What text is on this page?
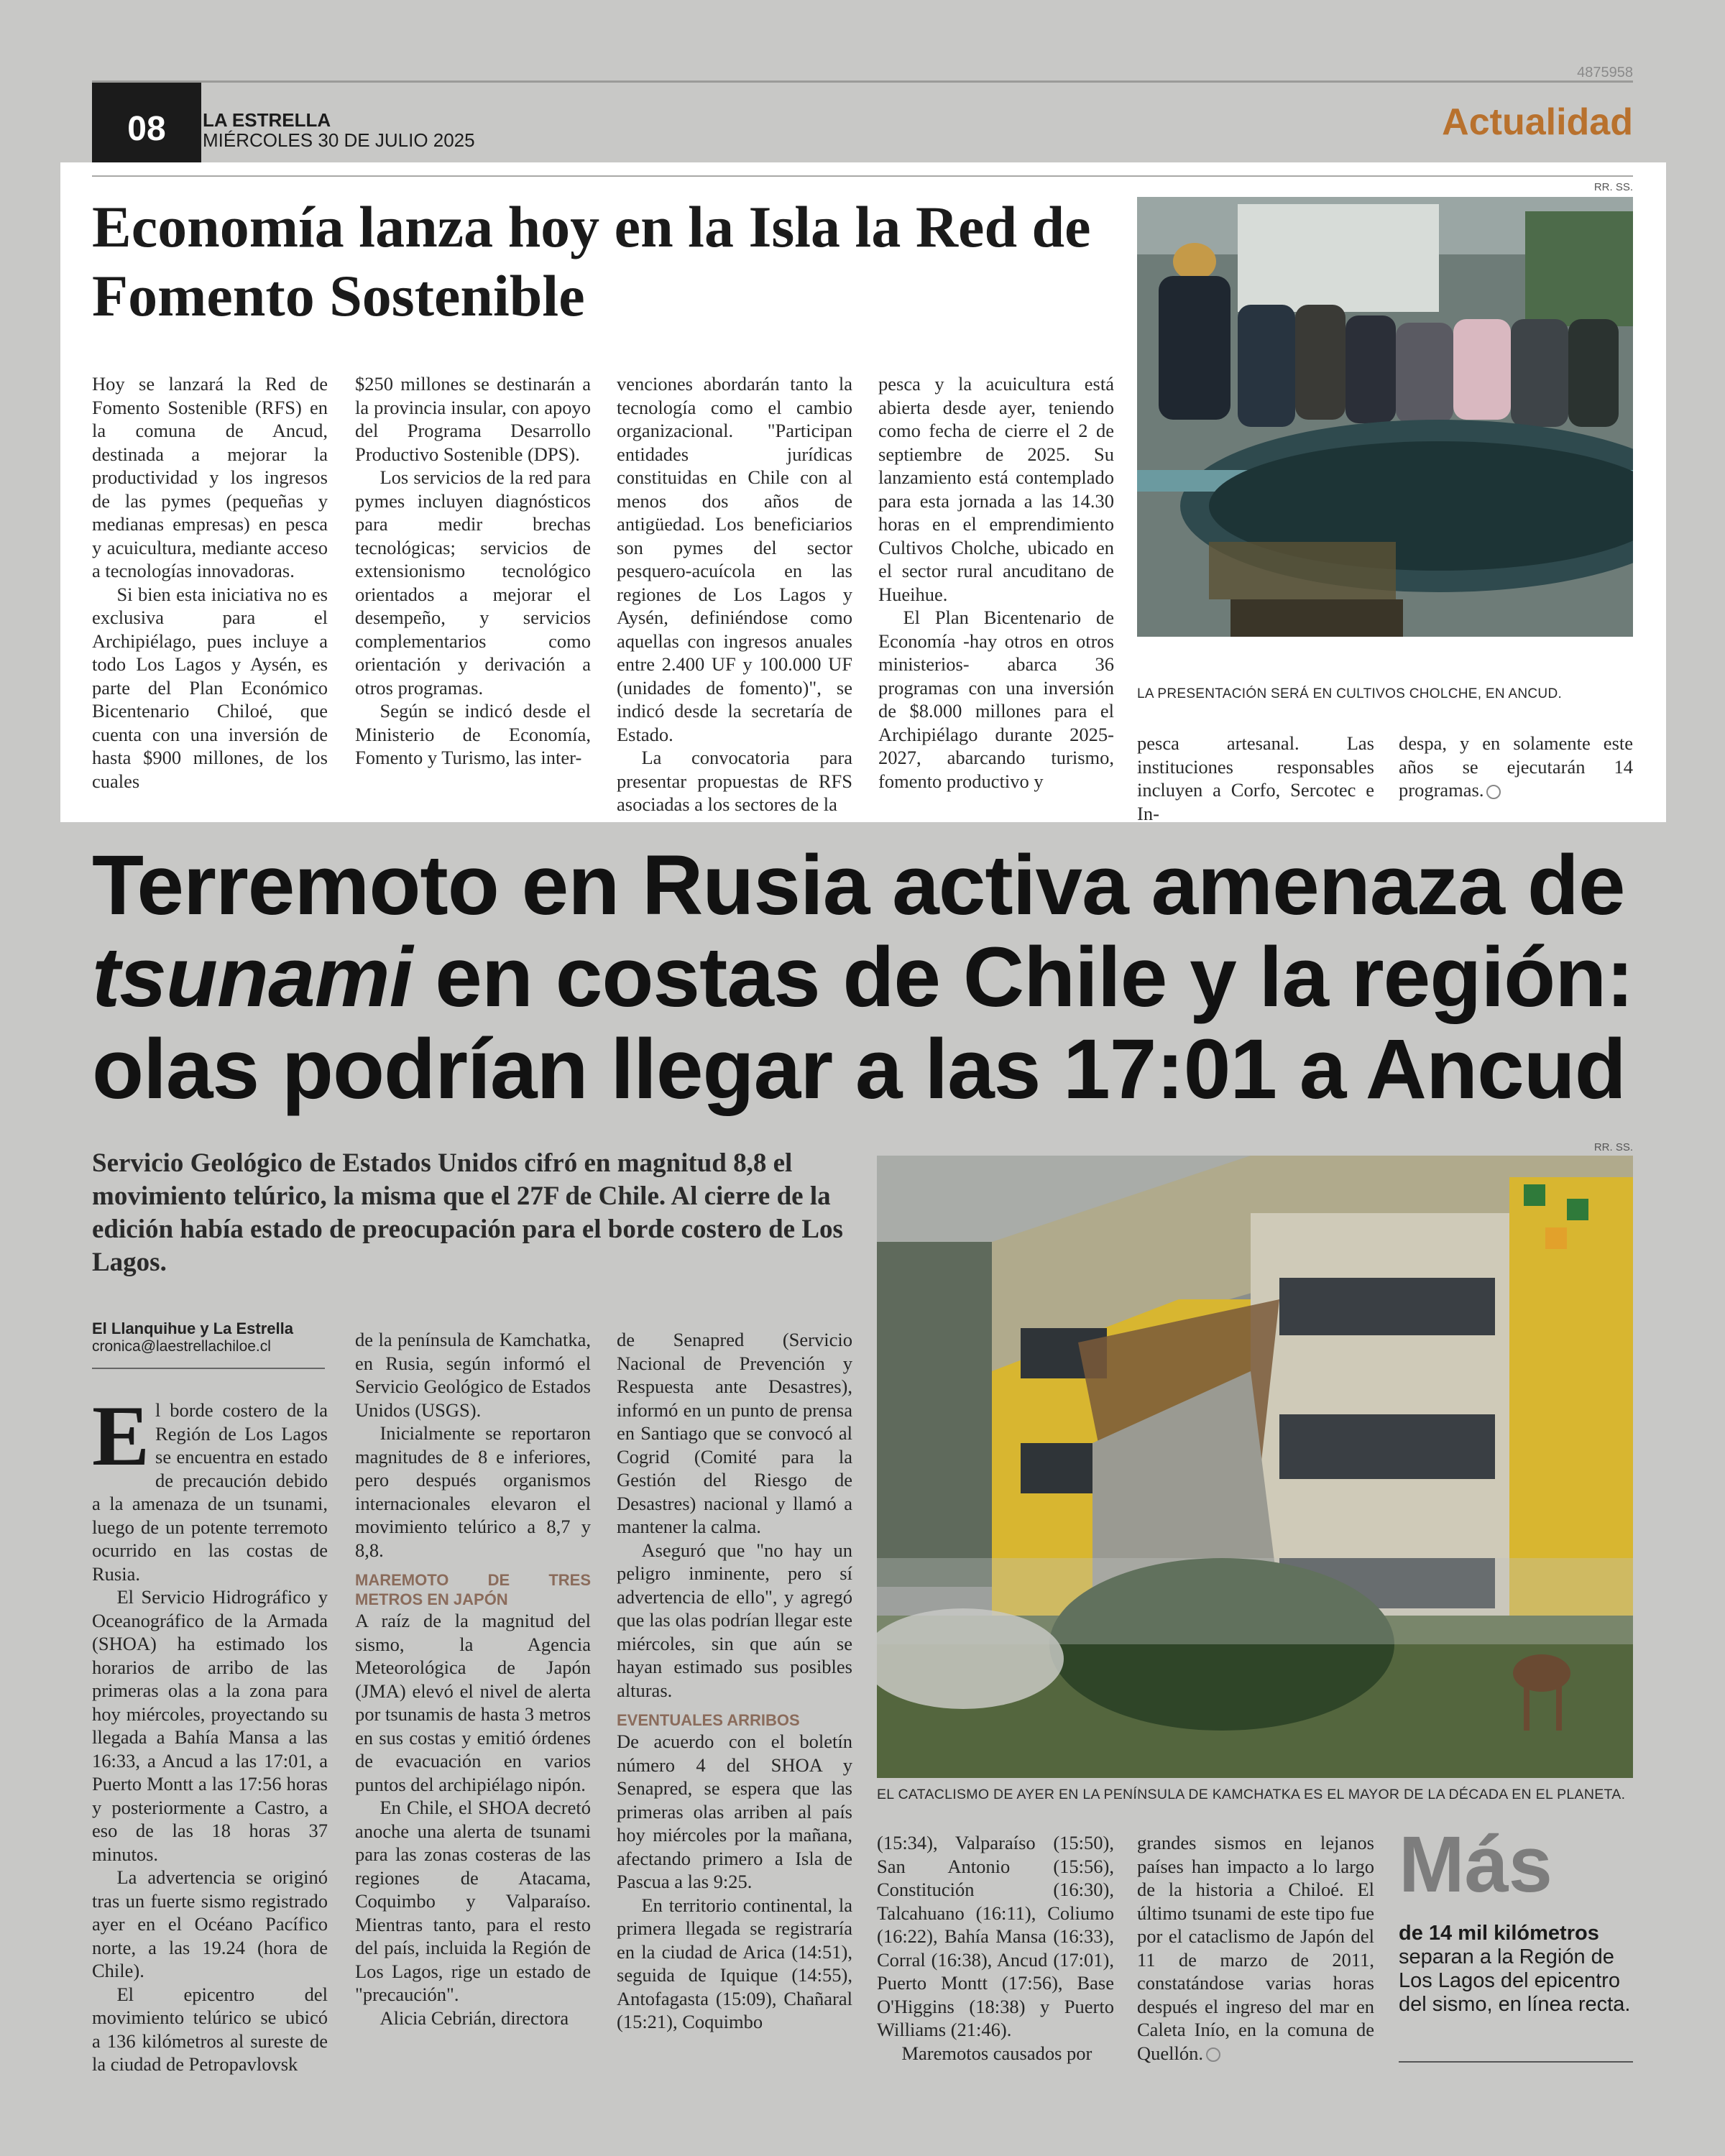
4875958
08	LA ESTRELLA
MIÉRCOLES 30 DE JULIO 2025	Actualidad
Economía lanza hoy en la Isla la Red de Fomento Sostenible

Hoy se lanzará la Red de Fomento Sostenible (RFS) en la comuna de Ancud, destinada a mejorar la productividad y los ingresos de las pymes (pequeñas y medianas empresas) en pesca y acuicultura, mediante acceso a tecnologías innovadoras.

Si bien esta iniciativa no es exclusiva para el Archipiélago, pues incluye a todo Los Lagos y Aysén, es parte del Plan Económico Bicentenario Chiloé, que cuenta con una inversión de hasta $900 millones, de los cuales

$250 millones se destinarán a la provincia insular, con apoyo del Programa Desarrollo Productivo Sostenible (DPS).

Los servicios de la red para pymes incluyen diagnósticos para medir brechas tecnológicas; servicios de extensionismo tecnológico orientados a mejorar el desempeño, y servicios complementarios como orientación y derivación a otros programas.

Según se indicó desde el Ministerio de Economía, Fomento y Turismo, las inter-

venciones abordarán tanto la tecnología como el cambio organizacional. "Participan entidades jurídicas constituidas en Chile con al menos dos años de antigüedad. Los beneficiarios son pymes del sector pesquero-acuícola en las regiones de Los Lagos y Aysén, definiéndose como aquellas con ingresos anuales entre 2.400 UF y 100.000 UF (unidades de fomento)", se indicó desde la secretaría de Estado.

La convocatoria para presentar propuestas de RFS asociadas a los sectores de la

pesca y la acuicultura está abierta desde ayer, teniendo como fecha de cierre el 2 de septiembre de 2025. Su lanzamiento está contemplado para esta jornada a las 14.30 horas en el emprendimiento Cultivos Cholche, ubicado en el sector rural ancuditano de Hueihue.

El Plan Bicentenario de Economía -hay otros en otros ministerios- abarca 36 programas con una inversión de $8.000 millones para el Archipiélago durante 2025-2027, abarcando turismo, fomento productivo y

pesca artesanal. Las instituciones responsables incluyen a Corfo, Sercotec e In-

despa, y en solamente este años se ejecutarán 14 programas.

RR. SS.
LA PRESENTACIÓN SERÁ EN CULTIVOS CHOLCHE, EN ANCUD.
Terremoto en Rusia activa amenaza de tsunami en costas de Chile y la región: olas podrían llegar a las 17:01 a Ancud
Servicio Geológico de Estados Unidos cifró en magnitud 8,8 el movimiento telúrico, la misma que el 27F de Chile. Al cierre de la edición había estado de preocupación para el borde costero de Los Lagos.
El Llanquihue y La Estrella
cronica@laestrellachiloe.cl

El borde costero de la Región de Los Lagos se encuentra en estado de precaución debido a la amenaza de un tsunami, luego de un potente terremoto ocurrido en las costas de Rusia.

El Servicio Hidrográfico y Oceanográfico de la Armada (SHOA) ha estimado los horarios de arribo de las primeras olas a la zona para hoy miércoles, proyectando su llegada a Bahía Mansa a las 16:33, a Ancud a las 17:01, a Puerto Montt a las 17:56 horas y posteriormente a Castro, a eso de las 18 horas 37 minutos.

La advertencia se originó tras un fuerte sismo registrado ayer en el Océano Pacífico norte, a las 19.24 (hora de Chile).

El epicentro del movimiento telúrico se ubicó a 136 kilómetros al sureste de la ciudad de Petropavlovsk

de la península de Kamchatka, en Rusia, según informó el Servicio Geológico de Estados Unidos (USGS).

Inicialmente se reportaron magnitudes de 8 e inferiores, pero después organismos internacionales elevaron el movimiento telúrico a 8,7 y 8,8.

MAREMOTO DE TRES METROS EN JAPÓN

A raíz de la magnitud del sismo, la Agencia Meteorológica de Japón (JMA) elevó el nivel de alerta por tsunamis de hasta 3 metros en sus costas y emitió órdenes de evacuación en varios puntos del archipiélago nipón.

En Chile, el SHOA decretó anoche una alerta de tsunami para las zonas costeras de las regiones de Atacama, Coquimbo y Valparaíso. Mientras tanto, para el resto del país, incluida la Región de Los Lagos, rige un estado de "precaución".

Alicia Cebrián, directora

de Senapred (Servicio Nacional de Prevención y Respuesta ante Desastres), informó en un punto de prensa en Santiago que se convocó al Cogrid (Comité para la Gestión del Riesgo de Desastres) nacional y llamó a mantener la calma.

Aseguró que "no hay un peligro inminente, pero sí advertencia de ello", y agregó que las olas podrían llegar este miércoles, sin que aún se hayan estimado sus posibles alturas.

EVENTUALES ARRIBOS

De acuerdo con el boletín número 4 del SHOA y Senapred, se espera que las primeras olas arriben al país hoy miércoles por la mañana, afectando primero a Isla de Pascua a las 9:25.

En territorio continental, la primera llegada se registraría en la ciudad de Arica (14:51), seguida de Iquique (14:55), Antofagasta (15:09), Chañaral (15:21), Coquimbo

(15:34), Valparaíso (15:50), San Antonio (15:56), Constitución (16:30), Talcahuano (16:11), Coliumo (16:22), Bahía Mansa (16:33), Corral (16:38), Ancud (17:01), Puerto Montt (17:56), Base O'Higgins (18:38) y Puerto Williams (21:46).

Maremotos causados por

grandes sismos en lejanos países han impacto a lo largo de la historia a Chiloé. El último tsunami de este tipo fue por el cataclismo de Japón del 11 de marzo de 2011, constatándose varias horas después el ingreso del mar en Caleta Inío, en la comuna de Quellón.

RR. SS.
EL CATACLISMO DE AYER EN LA PENÍNSULA DE KAMCHATKA ES EL MAYOR DE LA DÉCADA EN EL PLANETA.
Más
de 14 mil kilómetros separan a la Región de Los Lagos del epicentro del sismo, en línea recta.
